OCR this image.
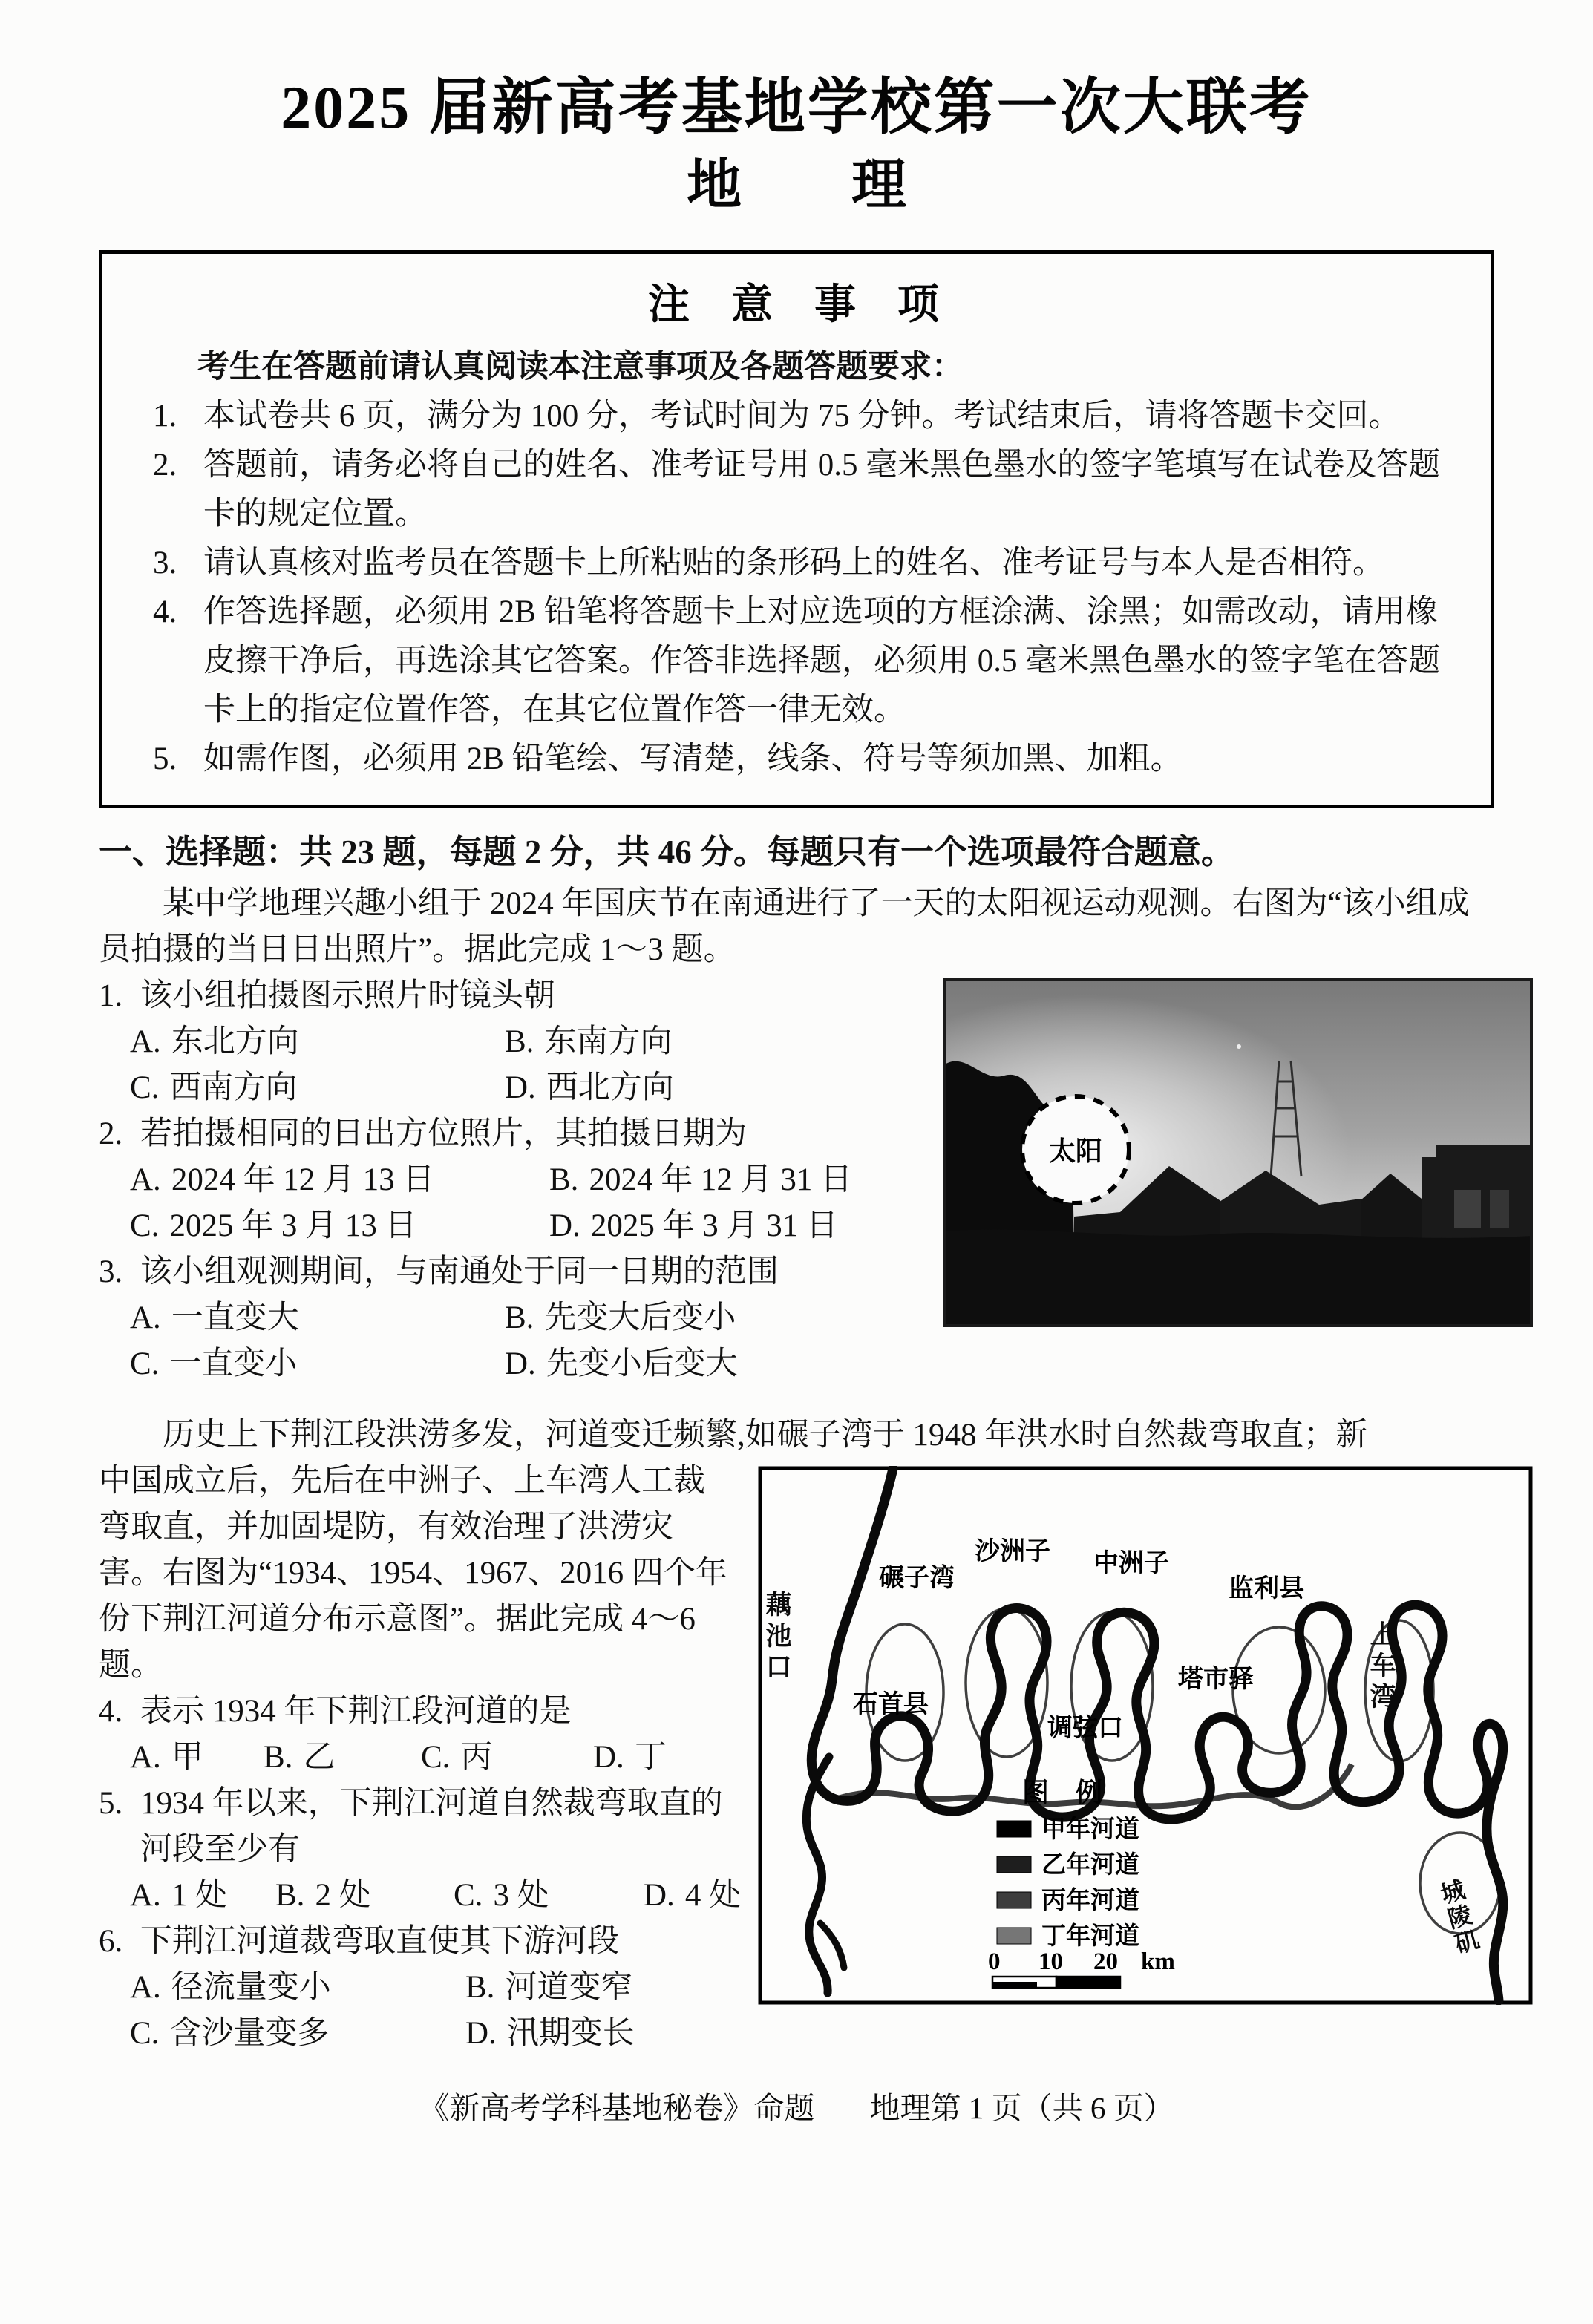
2025 届新高考基地学校第一次大联考
地　　理
注　意　事　项

考生在答题前请认真阅读本注意事项及各题答题要求：

1. 本试卷共 6 页，满分为 100 分，考试时间为 75 分钟。考试结束后，请将答题卡交回。
2. 答题前，请务必将自己的姓名、准考证号用 0.5 毫米黑色墨水的签字笔填写在试卷及答题卡的规定位置。
3. 请认真核对监考员在答题卡上所粘贴的条形码上的姓名、准考证号与本人是否相符。
4. 作答选择题，必须用 2B 铅笔将答题卡上对应选项的方框涂满、涂黑；如需改动，请用橡皮擦干净后，再选涂其它答案。作答非选择题，必须用 0.5 毫米黑色墨水的签字笔在答题卡上的指定位置作答，在其它位置作答一律无效。
5. 如需作图，必须用 2B 铅笔绘、写清楚，线条、符号等须加黑、加粗。
一、选择题：共 23 题，每题 2 分，共 46 分。每题只有一个选项最符合题意。

某中学地理兴趣小组于 2024 年国庆节在南通进行了一天的太阳视运动观测。右图为“该小组成员拍摄的当日日出照片”。据此完成 1～3 题。

太阳
1. 该小组拍摄图示照片时镜头朝
A. 东北方向	B. 东南方向
C. 西南方向	D. 西北方向
2. 若拍摄相同的日出方位照片，其拍摄日期为
A. 2024 年 12 月 13 日	B. 2024 年 12 月 31 日
C. 2025 年 3 月 13 日	D. 2025 年 3 月 31 日
3. 该小组观测期间，与南通处于同一日期的范围
A. 一直变大	B. 先变大后变小
C. 一直变小	D. 先变小后变大

历史上下荆江段洪涝多发，河道变迁频繁,如碾子湾于 1948 年洪水时自然裁弯取直；新

碾子湾
沙洲子 中洲子
监利县
石首县
调弦口
塔市驿
图　例
甲年河道
乙年河道
丙年河道
丁年河道
0 10 20 km
藕池口	上车湾
城陵矶

中国成立后，先后在中洲子、上车湾人工裁弯取直，并加固堤防，有效治理了洪涝灾害。右图为“1934、1954、1967、2016 四个年份下荆江河道分布示意图”。据此完成 4～6 题。

4. 表示 1934 年下荆江段河道的是
A. 甲	B. 乙	C. 丙	D. 丁
5. 1934 年以来，下荆江河道自然裁弯取直的河段至少有
A. 1 处	B. 2 处	C. 3 处	D. 4 处
6. 下荆江河道裁弯取直使其下游河段
A. 径流量变小	B. 河道变窄
C. 含沙量变多	D. 汛期变长
《新高考学科基地秘卷》命题 地理第 1 页（共 6 页）
